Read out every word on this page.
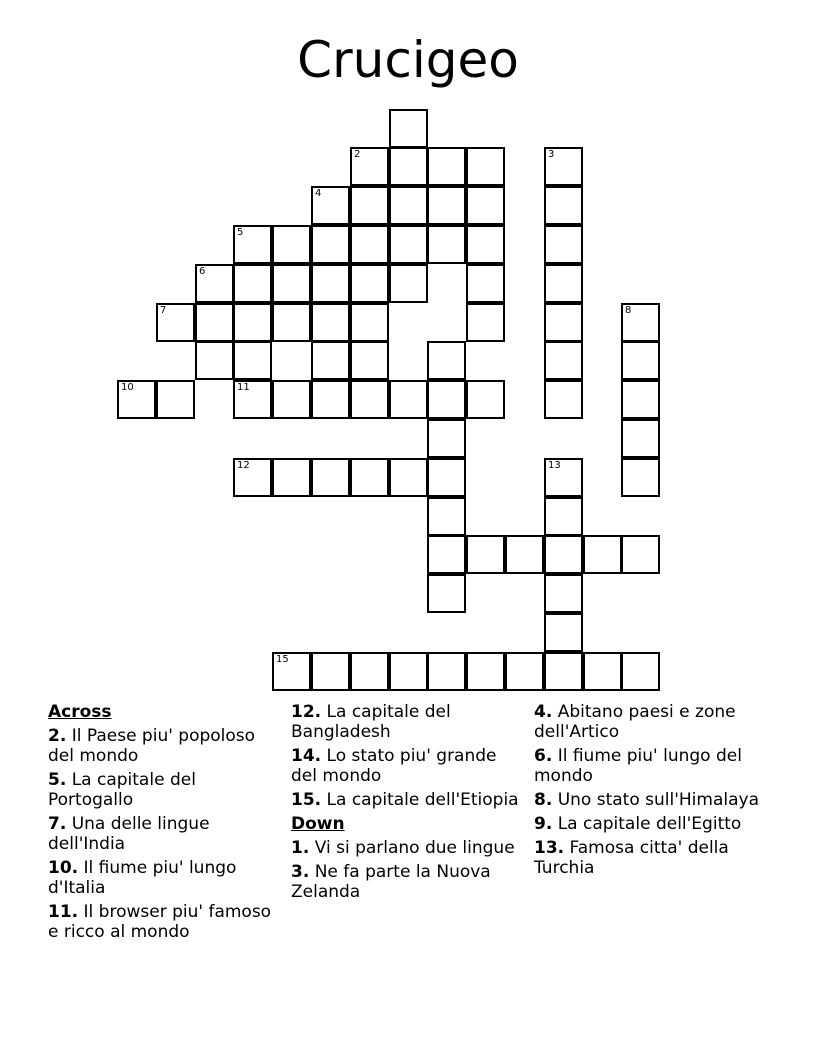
Crucigeo
2	3
4
5
6
7	8
10	11
12	13
15
Across
2. Il Paese piu' popoloso del mondo
5. La capitale del Portogallo
7. Una delle lingue dell'India
10. Il fiume piu' lungo d'Italia
11. Il browser piu' famoso e ricco al mondo
12. La capitale del Bangladesh
14. Lo stato piu' grande del mondo
15. La capitale dell'Etiopia
Down
1. Vi si parlano due lingue
3. Ne fa parte la Nuova Zelanda
4. Abitano paesi e zone dell'Artico
6. Il fiume piu' lungo del mondo
8. Uno stato sull'Himalaya
9. La capitale dell'Egitto
13. Famosa citta' della Turchia
